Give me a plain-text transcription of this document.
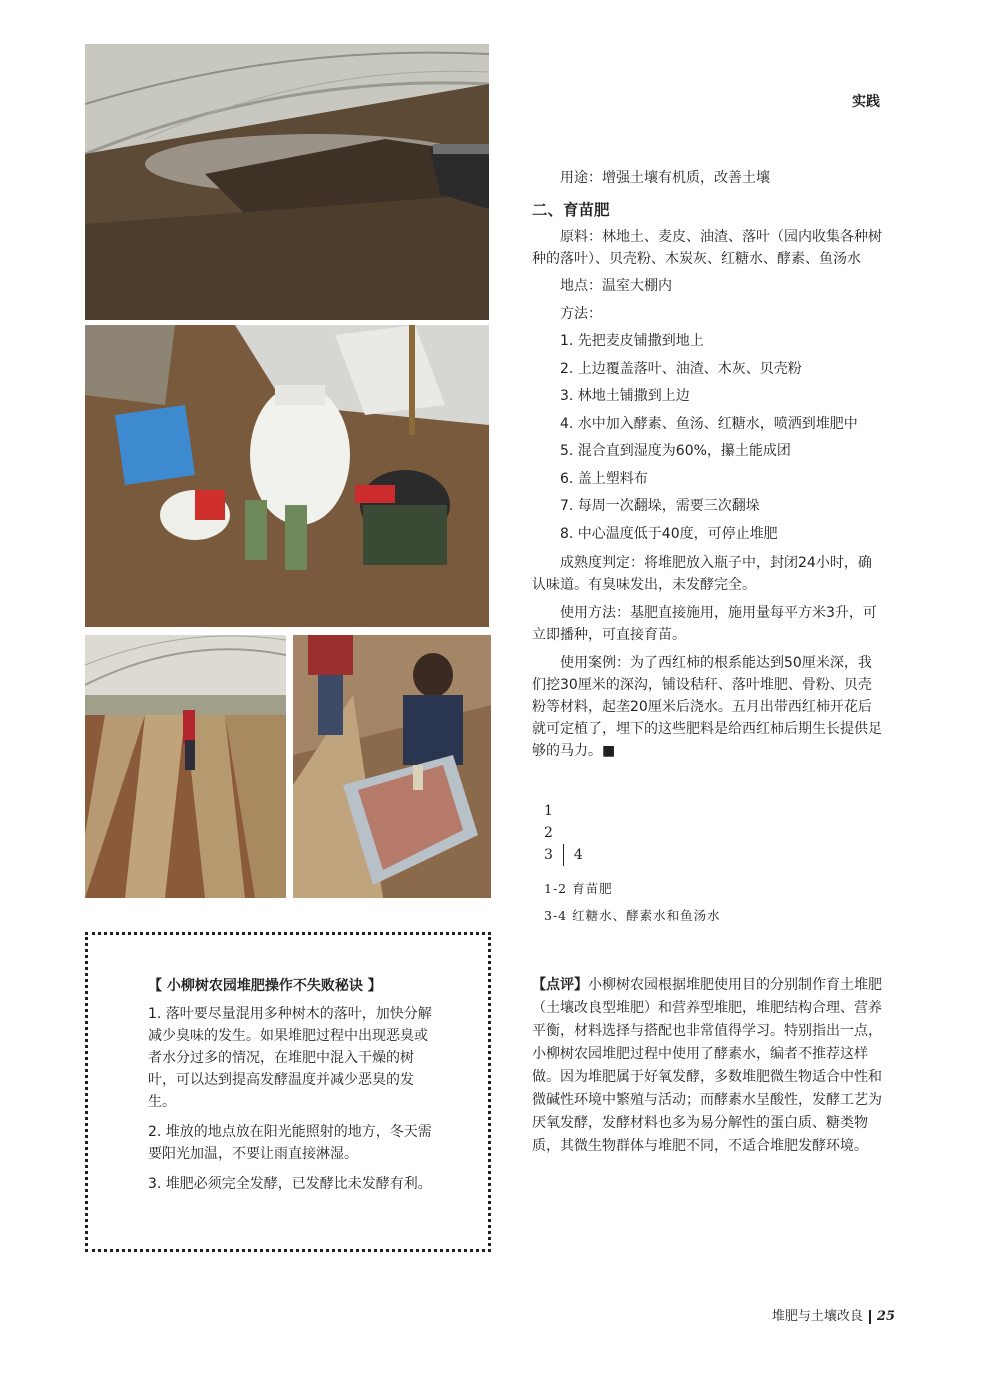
实践

用途：增强土壤有机质，改善土壤

二、育苗肥

原料：林地土、麦皮、油渣、落叶（园内收集各种树种的落叶）、贝壳粉、木炭灰、红糖水、酵素、鱼汤水

地点：温室大棚内

方法：

1. 先把麦皮铺撒到地上

2. 上边覆盖落叶、油渣、木灰、贝壳粉

3. 林地土铺撒到上边

4. 水中加入酵素、鱼汤、红糖水，喷洒到堆肥中

5. 混合直到湿度为60%，攥土能成团

6. 盖上塑料布

7. 每周一次翻垛，需要三次翻垛

8. 中心温度低于40度，可停止堆肥

成熟度判定：将堆肥放入瓶子中，封闭24小时，确认味道。有臭味发出，未发酵完全。

使用方法：基肥直接施用，施用量每平方米3升，可立即播种，可直接育苗。

使用案例：为了西红柿的根系能达到50厘米深，我们挖30厘米的深沟，铺设秸秆、落叶堆肥、骨粉、贝壳粉等材料，起垄20厘米后浇水。五月出带西红柿开花后就可定植了，埋下的这些肥料是给西红柿后期生长提供足够的马力。■

1
2
3 4
1-2 育苗肥
3-4 红糖水、酵素水和鱼汤水

【 小柳树农园堆肥操作不失败秘诀 】

1. 落叶要尽量混用多种树木的落叶，加快分解减少臭味的发生。如果堆肥过程中出现恶臭或者水分过多的情况，在堆肥中混入干燥的树叶，可以达到提高发酵温度并减少恶臭的发生。

2. 堆放的地点放在阳光能照射的地方，冬天需要阳光加温，不要让雨直接淋湿。

3. 堆肥必须完全发酵，已发酵比未发酵有利。

【点评】小柳树农园根据堆肥使用目的分别制作育土堆肥（土壤改良型堆肥）和营养型堆肥，堆肥结构合理、营养平衡，材料选择与搭配也非常值得学习。特别指出一点，小柳树农园堆肥过程中使用了酵素水，编者不推荐这样做。因为堆肥属于好氧发酵，多数堆肥微生物适合中性和微碱性环境中繁殖与活动；而酵素水呈酸性，发酵工艺为厌氧发酵，发酵材料也多为易分解性的蛋白质、糖类物质，其微生物群体与堆肥不同，不适合堆肥发酵环境。
堆肥与土壤改良 25
